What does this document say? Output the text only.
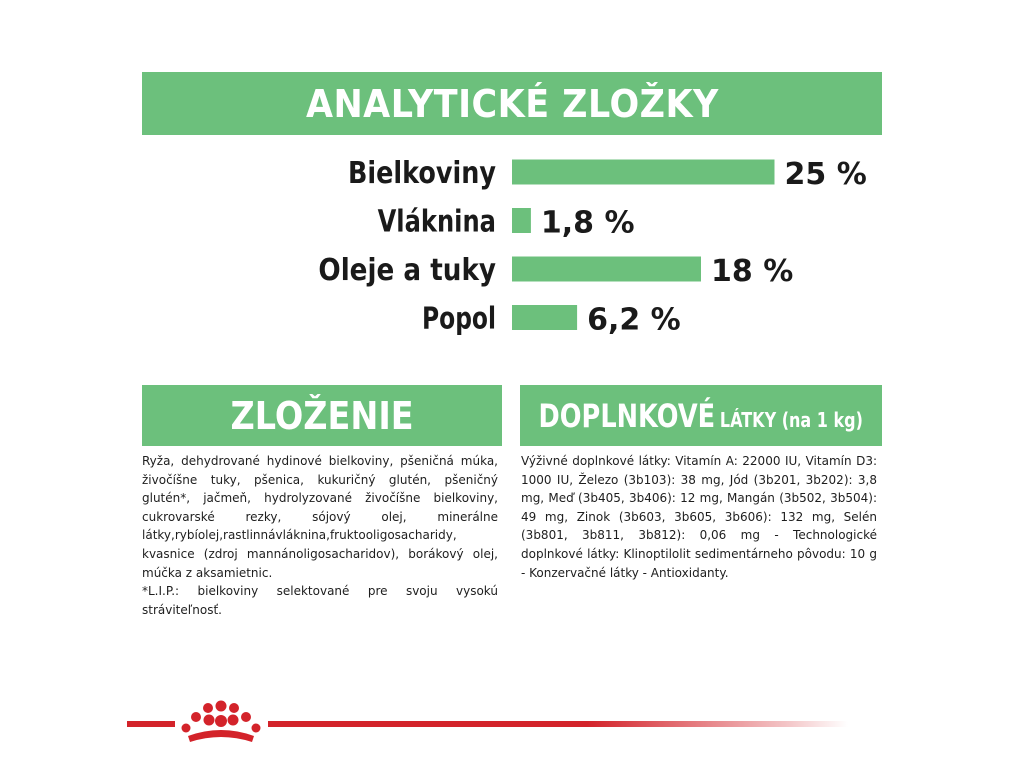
ANALYTICKÉ ZLOŽKY
Bielkoviny	25 %
Vláknina 1,8 %
Oleje a tuky	18 %
Popol	6,2 %
ZLOŽENIE

Ryža, dehydrované hydinové bielkoviny, pšeničná múka, živočíšne tuky, pšenica, kukuričný glutén, pšeničný glutén*, jačmeň, hydrolyzované živočíšne bielkoviny, cukrovarské rezky, sójový olej, minerálne látky,rybíolej,rastlinnávláknina,fruktooligosacharidy, kvasnice (zdroj mannánoligosacharidov), borákový olej, múčka z aksamietnic.

*L.I.P.: bielkoviny selektované pre svoju vysokú stráviteľnosť.

DOPLNKOVÉ LÁTKY (na 1 kg)

Výživné doplnkové látky: Vitamín A: 22000 IU, Vitamín D3: 1000 IU, Železo (3b103): 38 mg, Jód (3b201, 3b202): 3,8 mg, Meď (3b405, 3b406): 12 mg, Mangán (3b502, 3b504): 49 mg, Zinok (3b603, 3b605, 3b606): 132 mg, Selén (3b801, 3b811, 3b812): 0,06 mg - Technologické doplnkové látky: Klinoptilolit sedimentárneho pôvodu: 10 g - Konzervačné látky - Antioxidanty.
